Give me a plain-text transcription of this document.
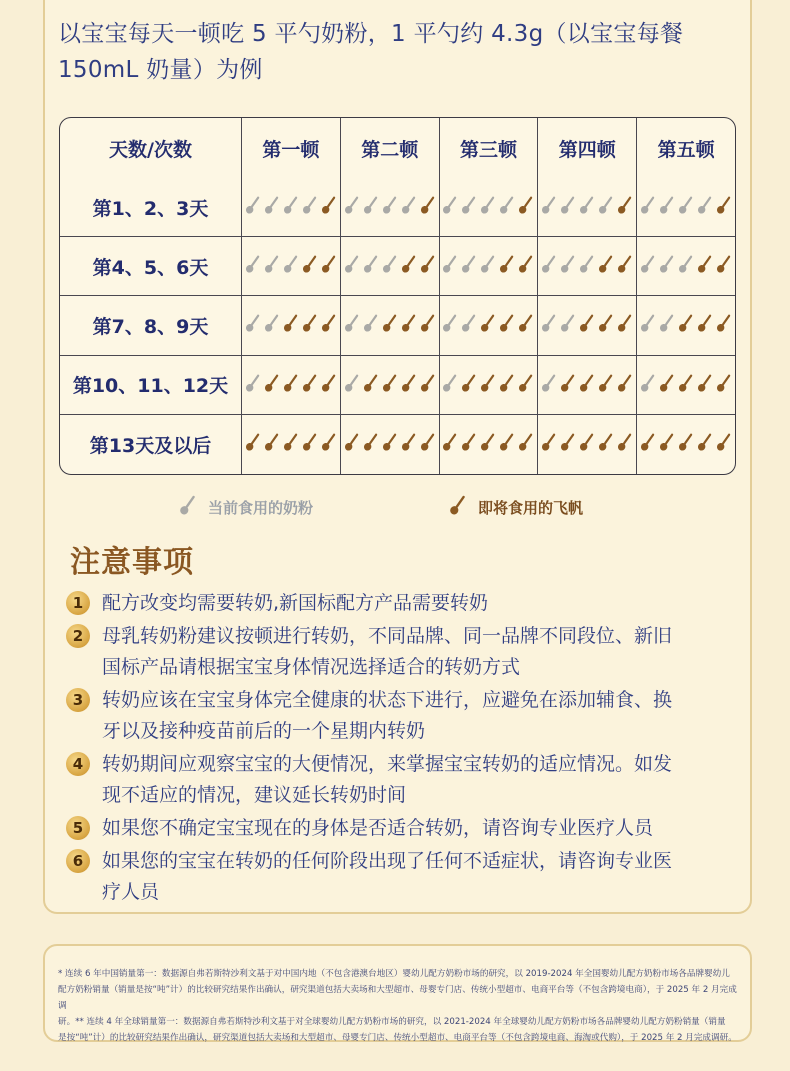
以宝宝每天一顿吃 5 平勺奶粉，1 平勺约 4.3g（以宝宝每餐
150mL 奶量）为例
天数/次数	第一顿	第二顿	第三顿	第四顿	第五顿
第1、2、3天	

第4、5、6天	

第7、8、9天	

第10、11、12天	

第13天及以后	

当前食用的奶粉	即将食用的飞帆
注意事项
1 配方改变均需要转奶,新国标配方产品需要转奶
2 母乳转奶粉建议按顿进行转奶，不同品牌、同一品牌不同段位、新旧
国标产品请根据宝宝身体情况选择适合的转奶方式
3 转奶应该在宝宝身体完全健康的状态下进行，应避免在添加辅食、换
牙以及接种疫苗前后的一个星期内转奶
4 转奶期间应观察宝宝的大便情况，来掌握宝宝转奶的适应情况。如发
现不适应的情况，建议延长转奶时间
5 如果您不确定宝宝现在的身体是否适合转奶，请咨询专业医疗人员
6 如果您的宝宝在转奶的任何阶段出现了任何不适症状，请咨询专业医
疗人员
* 连续 6 年中国销量第一：数据源自弗若斯特沙利文基于对中国内地（不包含港澳台地区）婴幼儿配方奶粉市场的研究，以 2019-2024 年全国婴幼儿配方奶粉市场各品牌婴幼儿
配方奶粉销量（销量是按“吨”计）的比较研究结果作出确认，研究渠道包括大卖场和大型超市、母婴专门店、传统小型超市、电商平台等（不包含跨境电商），于 2025 年 2 月完成调
研。** 连续 4 年全球销量第一：数据源自弗若斯特沙利文基于对全球婴幼儿配方奶粉市场的研究，以 2021-2024 年全球婴幼儿配方奶粉市场各品牌婴幼儿配方奶粉销量（销量
是按“吨”计）的比较研究结果作出确认，研究渠道包括大卖场和大型超市、母婴专门店、传统小型超市、电商平台等（不包含跨境电商、海淘或代购），于 2025 年 2 月完成调研。
